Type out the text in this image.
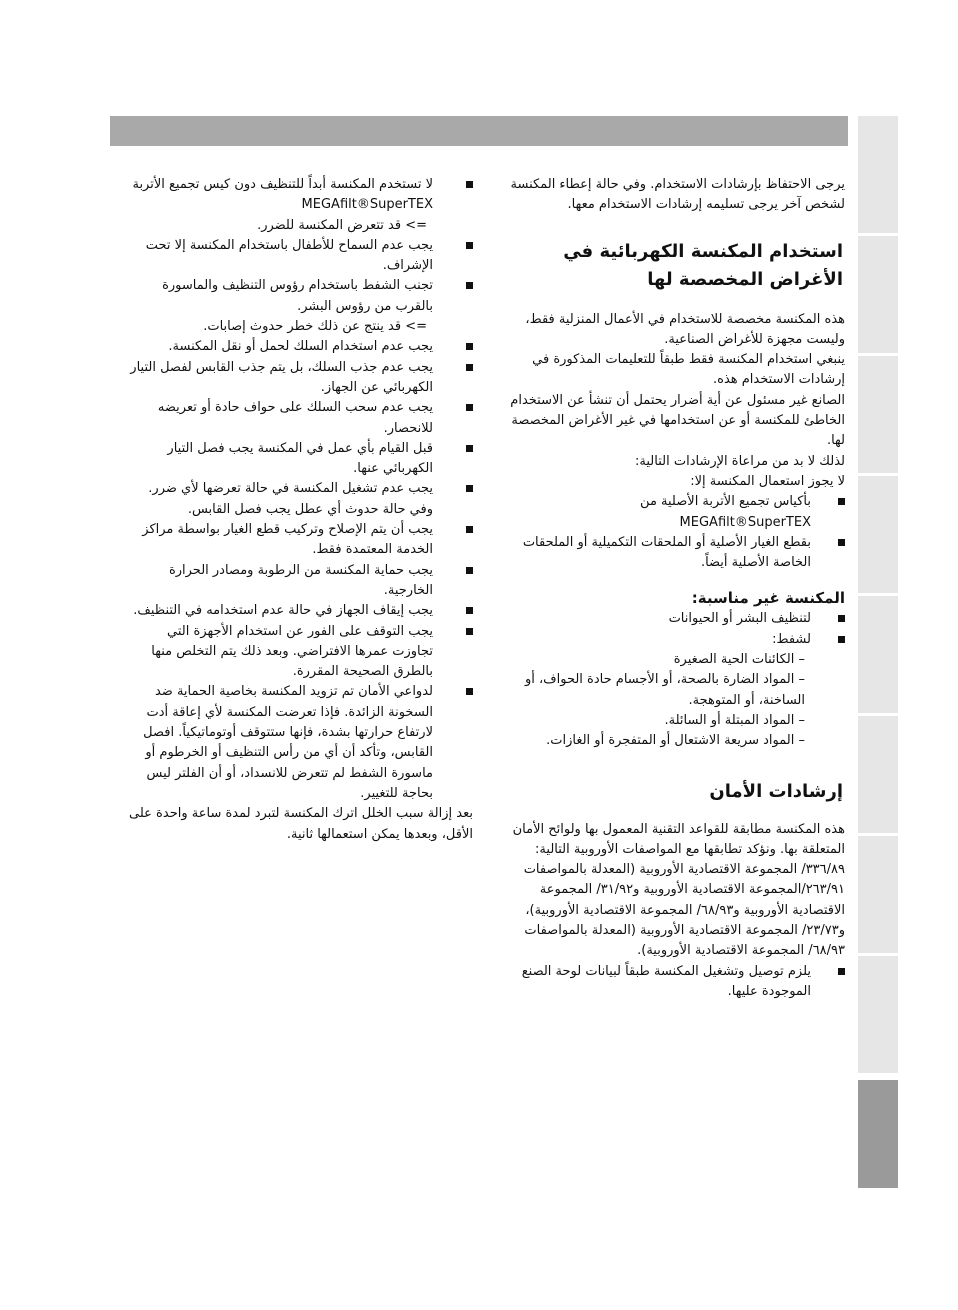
يرجى الاحتفاظ بإرشادات الاستخدام. وفي حالة إعطاء المكنسة لشخص آخر يرجى تسليمه إرشادات الاستخدام معها.

استخدام المكنسة الكهربائية في الأغراض المخصصة لها

هذه المكنسة مخصصة للاستخدام في الأعمال المنزلية فقط، وليست مجهزة للأغراض الصناعية.

ينبغي استخدام المكنسة فقط طبقاً للتعليمات المذكورة في إرشادات الاستخدام هذه.

الصانع غير مسئول عن أية أضرار يحتمل أن تنشأ عن الاستخدام الخاطئ للمكنسة أو عن استخدامها في غير الأغراض المخصصة لها.

لذلك لا بد من مراعاة الإرشادات التالية:

لا يجوز استعمال المكنسة إلا:

بأكياس تجميع الأتربة الأصلية من MEGAfilt®SuperTEX
بقطع الغيار الأصلية أو الملحقات التكميلية أو الملحقات الخاصة الأصلية أيضاً.
المكنسة غير مناسبة:
لتنظيف البشر أو الحيوانات
لشفط:

– الكائنات الحية الصغيرة

– المواد الضارة بالصحة، أو الأجسام حادة الحواف، أو الساخنة، أو المتوهجة.

– المواد المبتلة أو السائلة.

– المواد سريعة الاشتعال أو المتفجرة أو الغازات.

إرشادات الأمان

هذه المكنسة مطابقة للقواعد التقنية المعمول بها ولوائح الأمان المتعلقة بها. ونؤكد تطابقها مع المواصفات الأوروبية التالية: ٣٣٦/٨٩/ المجموعة الاقتصادية الأوروبية (المعدلة بالمواصفات ٢٦٣/٩١/المجموعة الاقتصادية الأوروبية و٣١/٩٢/ المجموعة الاقتصادية الأوروبية و٦٨/٩٣/ المجموعة الاقتصادية الأوروبية)، و٢٣/٧٣/ المجموعة الاقتصادية الأوروبية (المعدلة بالمواصفات ٦٨/٩٣/ المجموعة الاقتصادية الأوروبية).

يلزم توصيل وتشغيل المكنسة طبقاً لبيانات لوحة الصنع الموجودة عليها.
لا تستخدم المكنسة أبداً للتنظيف دون كيس تجميع الأتربة MEGAfilt®SuperTEX

=> قد تتعرض المكنسة للضرر.

يجب عدم السماح للأطفال باستخدام المكنسة إلا تحت الإشراف.
تجنب الشفط باستخدام رؤوس التنظيف والماسورة بالقرب من رؤوس البشر.

=> قد ينتج عن ذلك خطر حدوث إصابات.

يجب عدم استخدام السلك لحمل أو نقل المكنسة.
يجب عدم جذب السلك، بل يتم جذب القابس لفصل التيار الكهربائي عن الجهاز.
يجب عدم سحب السلك على حواف حادة أو تعريضه للانحصار.
قبل القيام بأي عمل في المكنسة يجب فصل التيار الكهربائي عنها.
يجب عدم تشغيل المكنسة في حالة تعرضها لأي ضرر. وفي حالة حدوث أي عطل يجب فصل القابس.
يجب أن يتم الإصلاح وتركيب قطع الغيار بواسطة مراكز الخدمة المعتمدة فقط.
يجب حماية المكنسة من الرطوبة ومصادر الحرارة الخارجية.
يجب إيقاف الجهاز في حالة عدم استخدامه في التنظيف.
يجب التوقف على الفور عن استخدام الأجهزة التي تجاوزت عمرها الافتراضي. وبعد ذلك يتم التخلص منها بالطرق الصحيحة المقررة.
لدواعي الأمان تم تزويد المكنسة بخاصية الحماية ضد السخونة الزائدة. فإذا تعرضت المكنسة لأي إعاقة أدت لارتفاع حرارتها بشدة، فإنها ستتوقف أوتوماتيكياً. افصل القابس، وتأكد أن أي من رأس التنظيف أو الخرطوم أو ماسورة الشفط لم تتعرض للانسداد، أو أن الفلتر ليس بحاجة للتغيير.

بعد إزالة سبب الخلل اترك المكنسة لتبرد لمدة ساعة واحدة على الأقل، وبعدها يمكن استعمالها ثانية.
